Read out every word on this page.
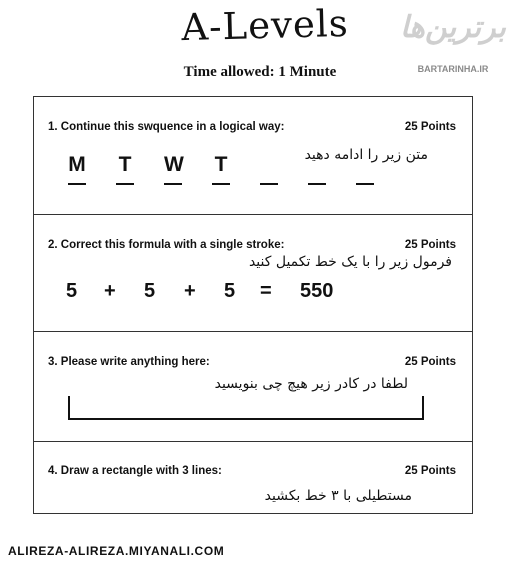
A-Levels
Time allowed: 1 Minute
برترین‌ها
BARTARINHA.IR
1. Continue this swquence in a logical way:	25 Points
متن زیر را ادامه دهید
M T W T
2. Correct this formula with a single stroke:	25 Points
فرمول زیر را با یک خط تکمیل کنید
5 + 5 + 5 = 550
3. Please write anything here:	25 Points
لطفا در کادر زیر هیچ چی بنویسید
4. Draw a rectangle with 3 lines:	25 Points
مستطیلی با ۳ خط بکشید
ALIREZA-ALIREZA.MIYANALI.COM
